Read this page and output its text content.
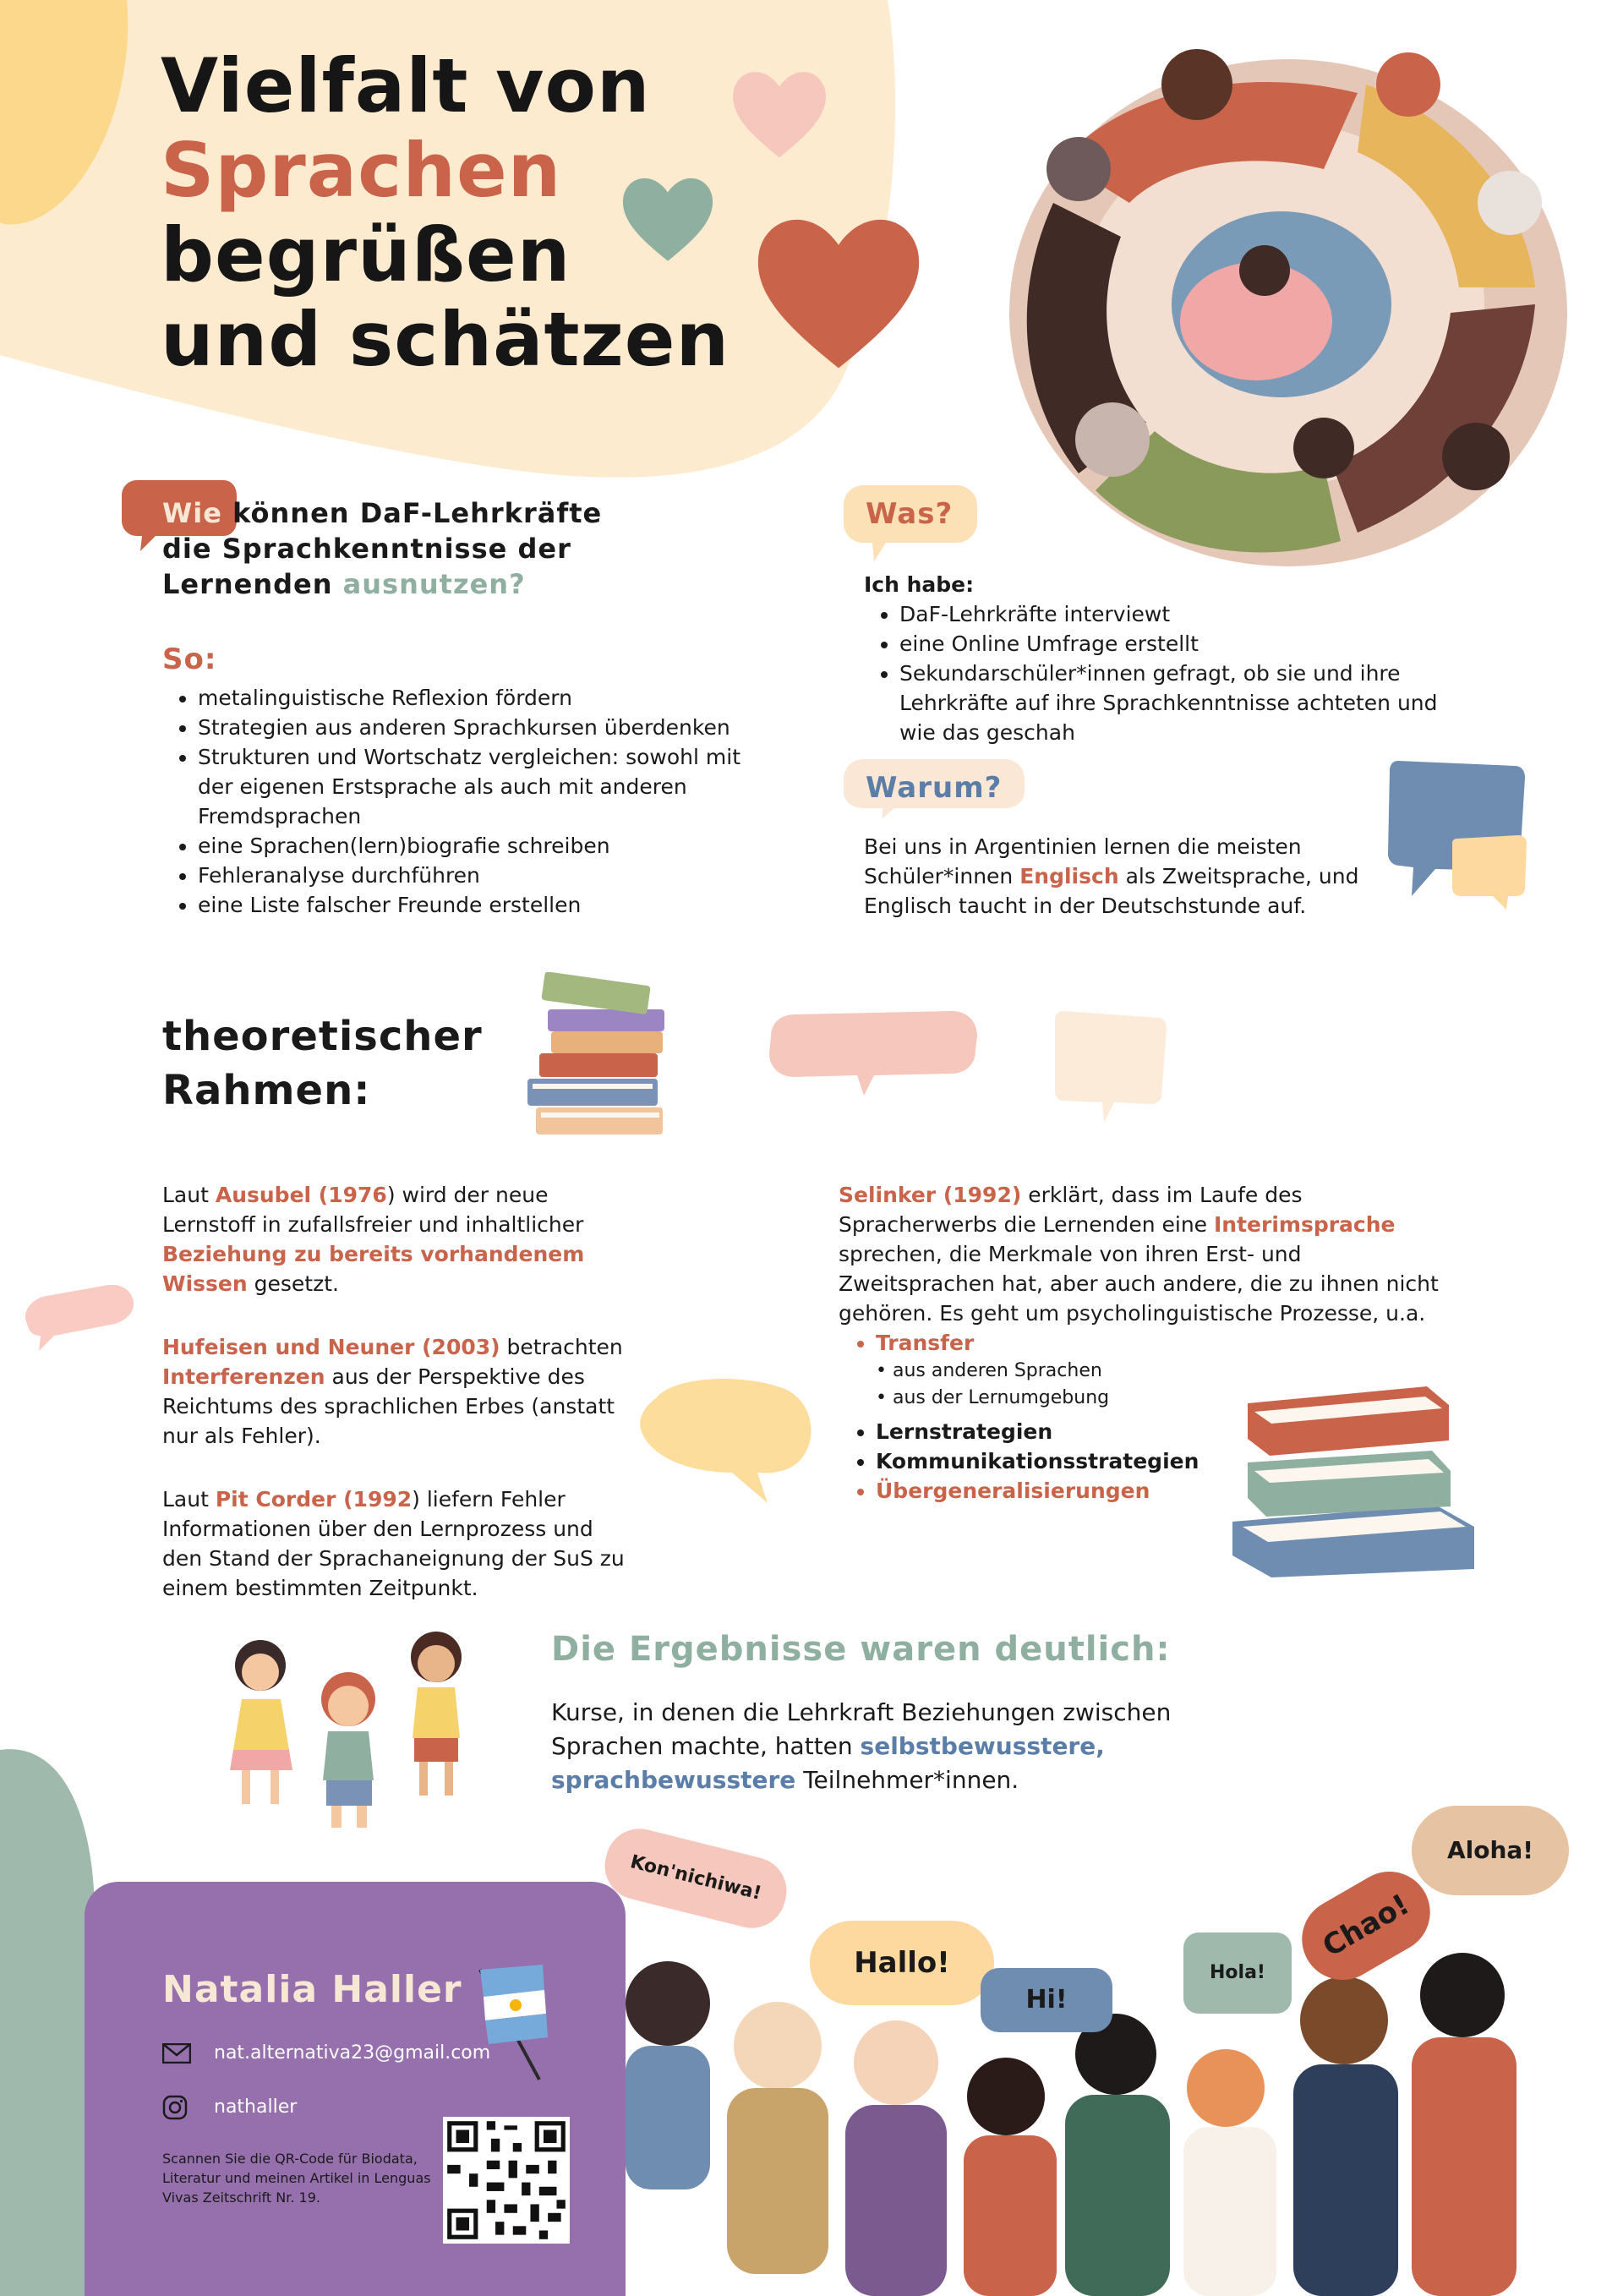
Vielfalt von
Sprachen
begrüßen
und schätzen
Wie können DaF-Lehrkräfte
die Sprachkenntnisse der
Lernenden ausnutzen?
So:
• metalinguistische Reflexion fördern
• Strategien aus anderen Sprachkursen überdenken
• Strukturen und Wortschatz vergleichen: sowohl mit der eigenen Erstsprache als auch mit anderen Fremdsprachen
• eine Sprachen(lern)biografie schreiben
• Fehleranalyse durchführen
• eine Liste falscher Freunde erstellen
Was?
Ich habe:
• DaF-Lehrkräfte interviewt
• eine Online Umfrage erstellt
• Sekundarschüler*innen gefragt, ob sie und ihre Lehrkräfte auf ihre Sprachkenntnisse achteten und wie das geschah
Warum?
Bei uns in Argentinien lernen die meisten Schüler*innen Englisch als Zweitsprache, und Englisch taucht in der Deutschstunde auf.
theoretischer
Rahmen:

Laut Ausubel (1976) wird der neue Lernstoff in zufallsfreier und inhaltlicher Beziehung zu bereits vorhandenem Wissen gesetzt.

Hufeisen und Neuner (2003) betrachten Interferenzen aus der Perspektive des Reichtums des sprachlichen Erbes (anstatt nur als Fehler).

Laut Pit Corder (1992) liefern Fehler Informationen über den Lernprozess und den Stand der Sprachaneignung der SuS zu einem bestimmten Zeitpunkt.

Selinker (1992) erklärt, dass im Laufe des Spracherwerbs die Lernenden eine Interimsprache sprechen, die Merkmale von ihren Erst- und Zweitsprachen hat, aber auch andere, die zu ihnen nicht gehören. Es geht um psycholinguistische Prozesse, u.a.

• Transfer
• aus anderen Sprachen
• aus der Lernumgebung
• Lernstrategien
• Kommunikationsstrategien
• Übergeneralisierungen
Die Ergebnisse waren deutlich:
Kurse, in denen die Lehrkraft Beziehungen zwischen Sprachen machte, hatten selbstbewusstere, sprachbewusstere Teilnehmer*innen.
Kon'nichiwa!
Hallo!
Hi!
Hola!
Chao!
Aloha!
Natalia Haller
nat.alternativa23@gmail.com
nathaller
Scannen Sie die QR-Code für Biodata, Literatur und meinen Artikel in Lenguas Vivas Zeitschrift Nr. 19.
